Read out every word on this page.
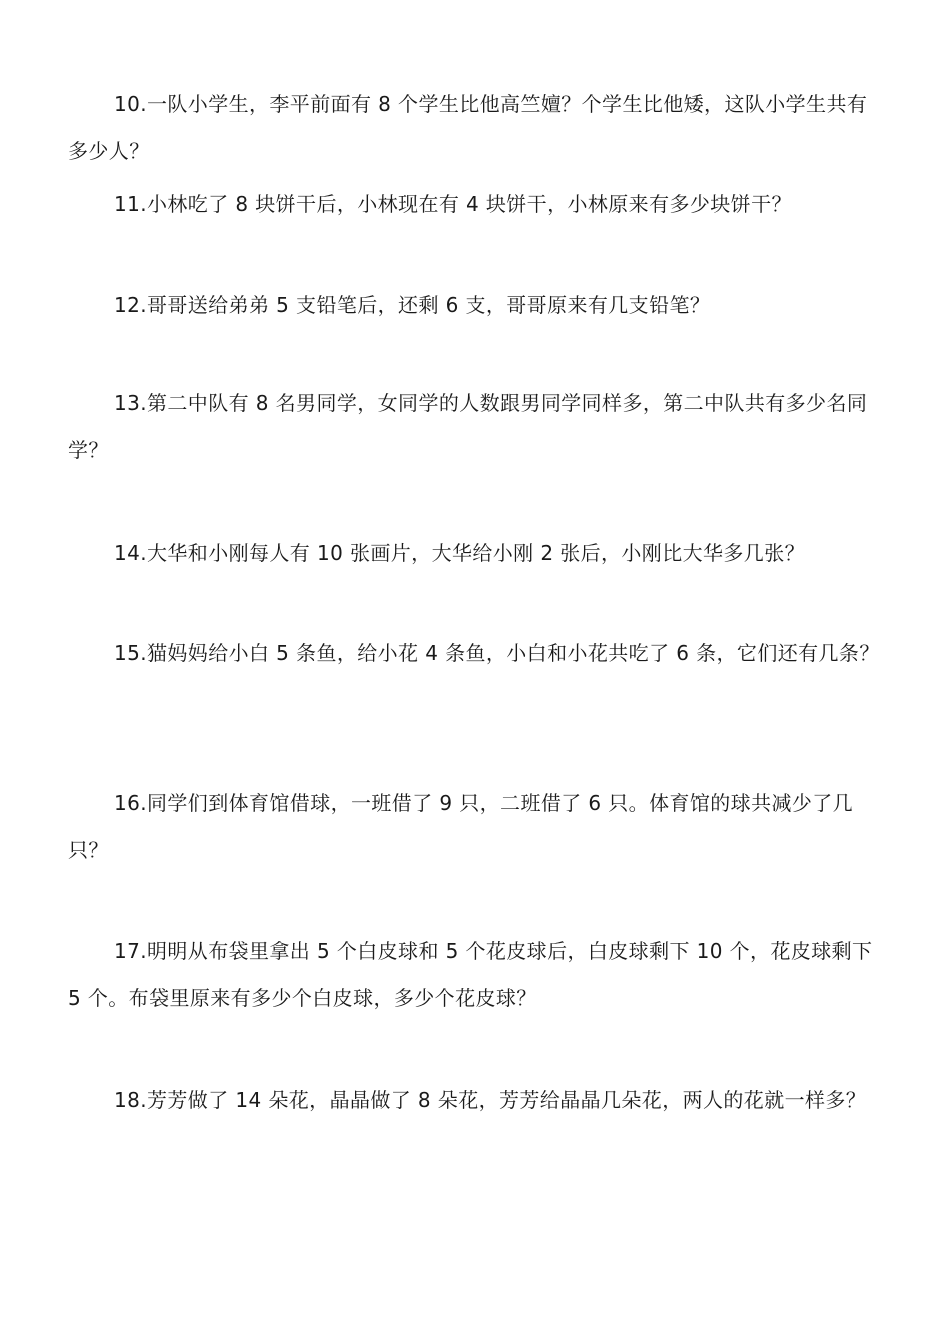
10.一队小学生，李平前面有 8 个学生比他高竺嬗？个学生比他矮，这队小学生共有多少人？

11.小林吃了 8 块饼干后，小林现在有 4 块饼干，小林原来有多少块饼干？

12.哥哥送给弟弟 5 支铅笔后，还剩 6 支，哥哥原来有几支铅笔？

13.第二中队有 8 名男同学，女同学的人数跟男同学同样多，第二中队共有多少名同学？

14.大华和小刚每人有 10 张画片，大华给小刚 2 张后，小刚比大华多几张？

15.猫妈妈给小白 5 条鱼，给小花 4 条鱼，小白和小花共吃了 6 条，它们还有几条？

16.同学们到体育馆借球，一班借了 9 只，二班借了 6 只。体育馆的球共减少了几只？

17.明明从布袋里拿出 5 个白皮球和 5 个花皮球后，白皮球剩下 10 个，花皮球剩下 5 个。布袋里原来有多少个白皮球，多少个花皮球？

18.芳芳做了 14 朵花，晶晶做了 8 朵花，芳芳给晶晶几朵花，两人的花就一样多？
